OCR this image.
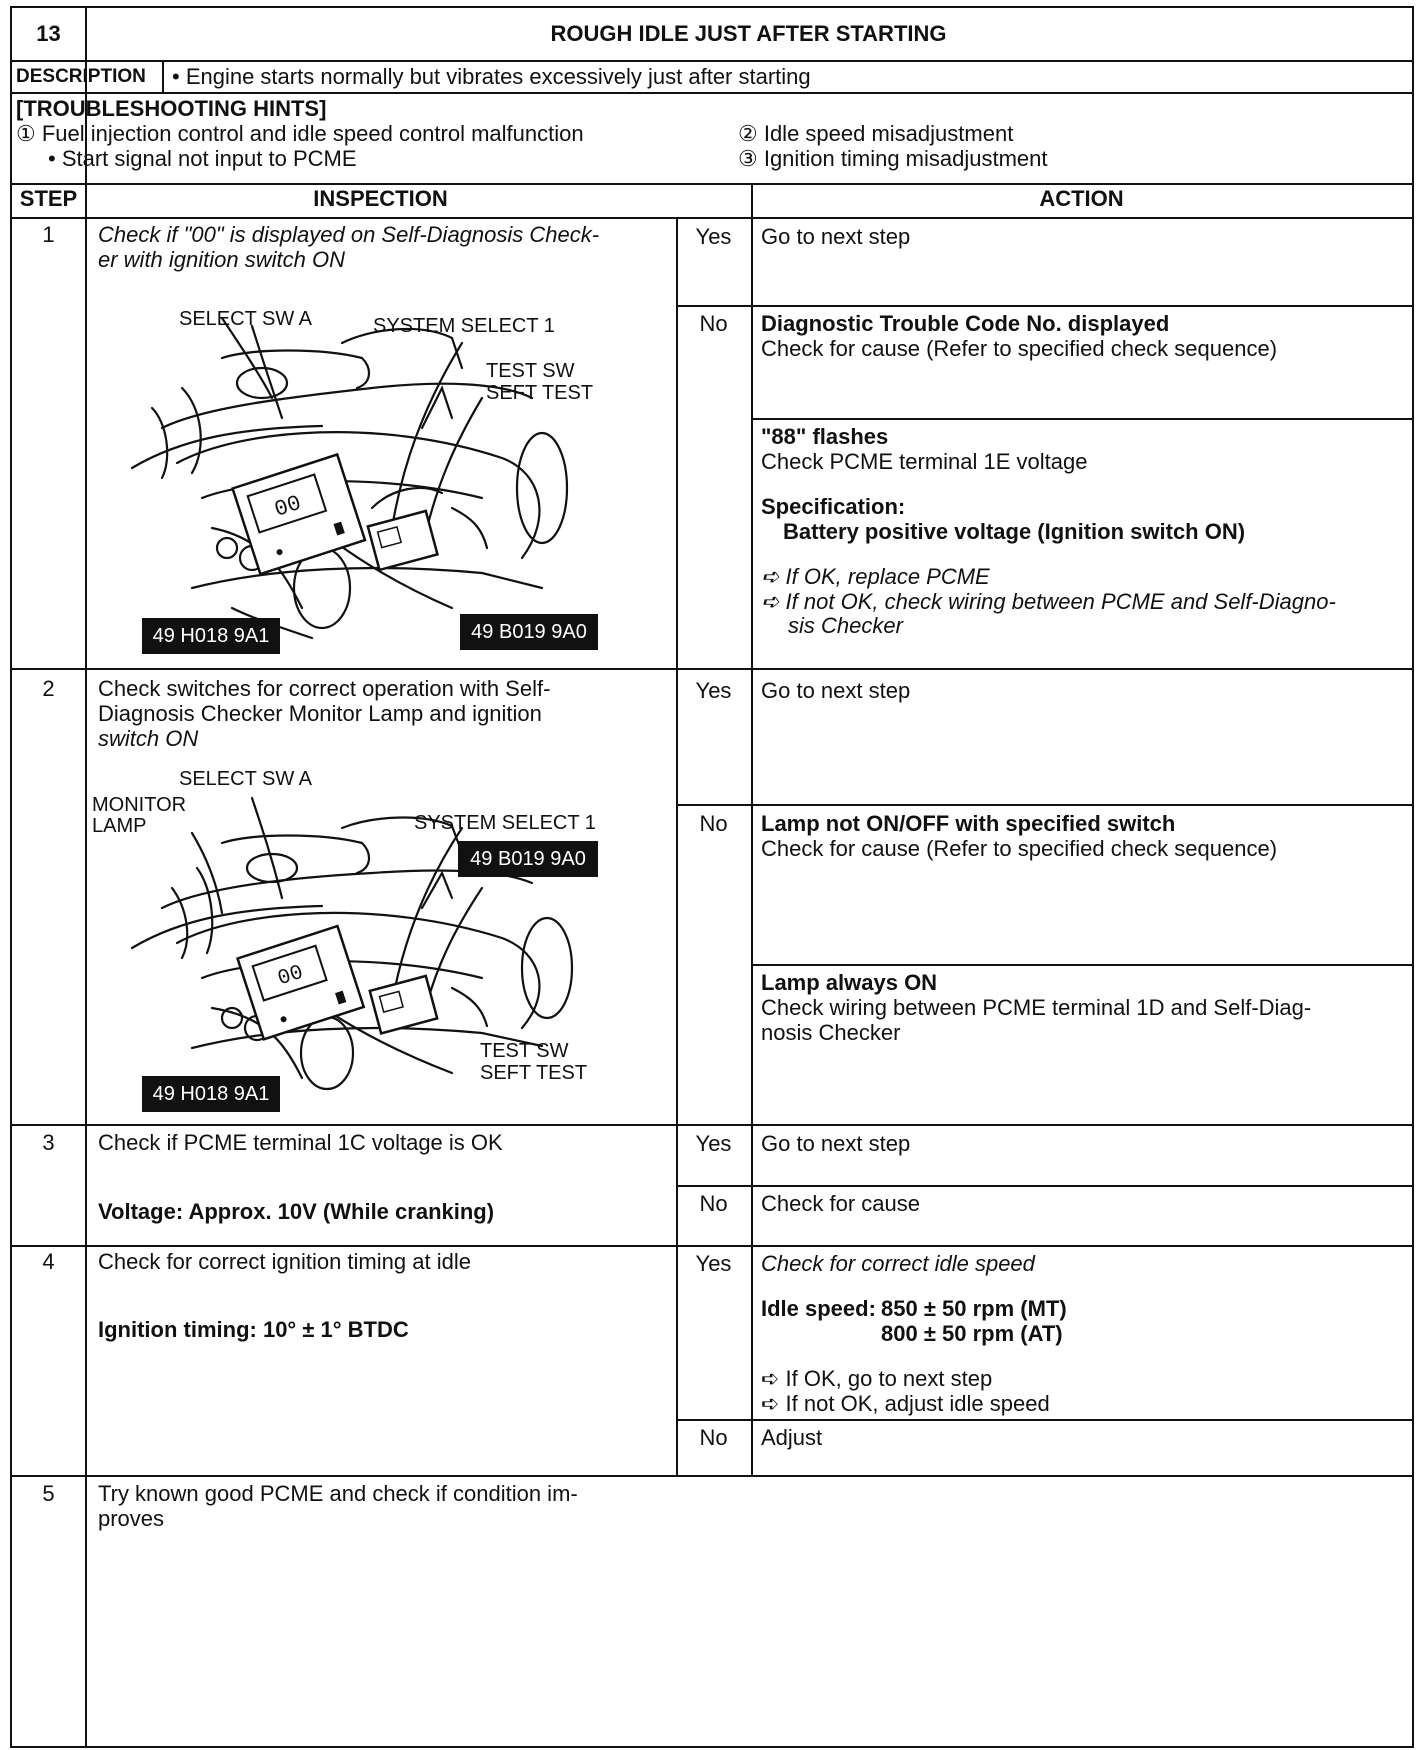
13	ROUGH IDLE JUST AFTER STARTING
DESCRIPTION • Engine starts normally but vibrates excessively just after starting
[TROUBLESHOOTING HINTS]
① Fuel injection control and idle speed control malfunction
• Start signal not input to PCME
② Idle speed misadjustment
③ Ignition timing misadjustment
STEP	INSPECTION	ACTION
1	Check if "00" is displayed on Self-Diagnosis Check-
er with ignition switch ON
00
SELECT SW A	SYSTEM SELECT 1
TEST SW
SEFT TEST
49 H018 9A1	49 B019 9A0
Yes	Go to next step
No	Diagnostic Trouble Code No. displayed
Check for cause (Refer to specified check sequence)
"88" flashes
Check PCME terminal 1E voltage
Specification:
Battery positive voltage (Ignition switch ON)
➪ If OK, replace PCME
➪ If not OK, check wiring between PCME and Self-Diagno-
sis Checker
2	Check switches for correct operation with Self-
Diagnosis Checker Monitor Lamp and ignition
switch ON
00
SELECT SW A
MONITOR
LAMP	SYSTEM SELECT 1
49 B019 9A0
TEST SW
SEFT TEST
49 H018 9A1
Yes	Go to next step
No	Lamp not ON/OFF with specified switch
Check for cause (Refer to specified check sequence)
Lamp always ON
Check wiring between PCME terminal 1D and Self-Diag-
nosis Checker
3	Check if PCME terminal 1C voltage is OK
Voltage: Approx. 10V (While cranking)
Yes	Go to next step
No	Check for cause
4	Check for correct ignition timing at idle
Ignition timing: 10° ± 1° BTDC
Yes	Check for correct idle speed
Idle speed: 850 ± 50 rpm (MT)
800 ± 50 rpm (AT)
➪ If OK, go to next step
➪ If not OK, adjust idle speed
No	Adjust
5	Try known good PCME and check if condition im-
proves
